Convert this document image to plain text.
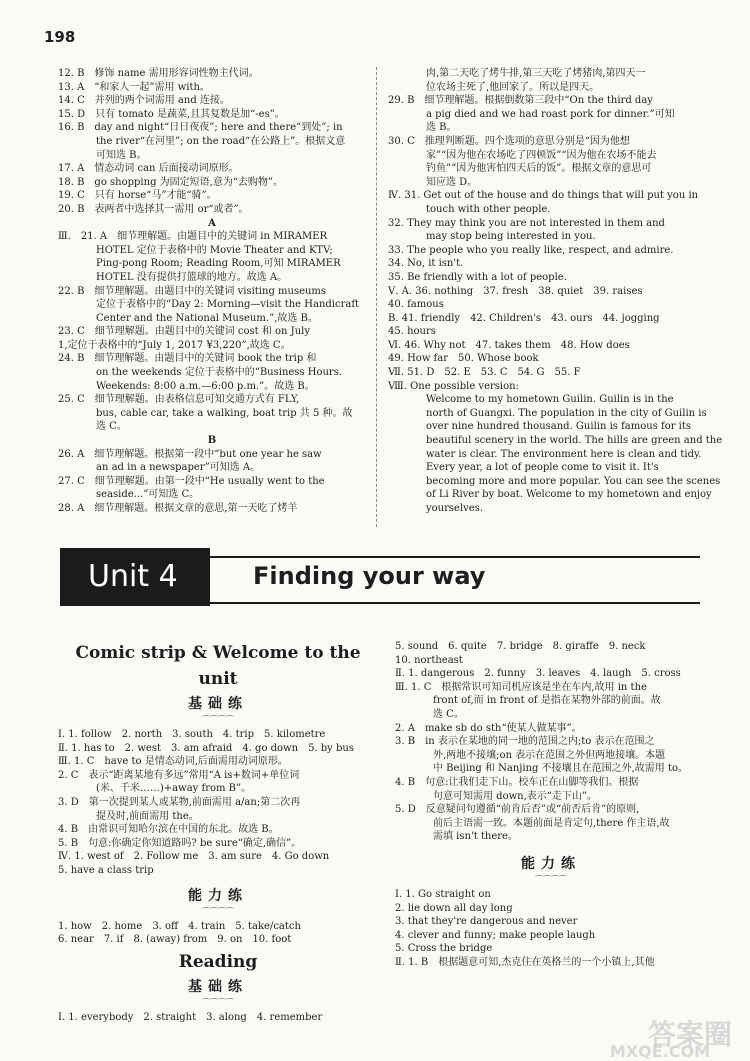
198
12. B　修饰 name 需用形容词性物主代词。
13. A　“和家人一起”需用 with。
14. C　并列的两个词需用 and 连接。
15. D　只有 tomato 是蔬菜,且其复数是加“-es”。
16. B　day and night“日日夜夜”; here and there“到处”; in
the river“在河里”; on the road“在公路上”。根据文意
可知选 B。
17. A　情态动词 can 后面接动词原形。
18. B　go shopping 为固定短语,意为“去购物”。
19. C　只有 horse“马”才能“骑”。
20. B　表两者中选择其一需用 or“或者”。
A
Ⅲ.　21. A　细节理解题。由题目中的关键词 in MIRAMER
HOTEL 定位于表格中的 Movie Theater and KTV;
Ping-pong Room; Reading Room,可知 MIRAMER
HOTEL 没有提供打篮球的地方。故选 A。
22. B　细节理解题。由题目中的关键词 visiting museums
定位于表格中的“Day 2: Morning—visit the Handicraft
Center and the National Museum.”,故选 B。
23. C　细节理解题。由题目中的关键词 cost 和 on July
1,定位于表格中的“July 1, 2017 ¥3,220”,故选 C。
24. B　细节理解题。由题目中的关键词 book the trip 和
on the weekends 定位于表格中的“Business Hours.
Weekends: 8:00 a.m.—6:00 p.m.”。故选 B。
25. C　细节理解题。由表格信息可知交通方式有 FLY,
bus, cable car, take a walking, boat trip 共 5 种。故
选 C。
B
26. A　细节理解题。根据第一段中“but one year he saw
an ad in a newspaper”可知选 A。
27. C　细节理解题。由第一段中“He usually went to the
seaside...”可知选 C。
28. A　细节理解题。根据文章的意思,第一天吃了烤羊
肉,第二天吃了烤牛排,第三天吃了烤猪肉,第四天一
位农场主死了,他回家了。所以是四天。
29. B　细节理解题。根据倒数第三段中“On the third day
a pig died and we had roast pork for dinner.”可知
选 B。
30. C　推理判断题。四个选项的意思分别是“因为他想
家”“因为他在农场吃了四顿饭”“因为他在农场不能去
钓鱼”“因为他害怕四天后的饭”。根据文章的意思可
知应选 D。
Ⅳ. 31. Get out of the house and do things that will put you in
touch with other people.
32. They may think you are not interested in them and
may stop being interested in you.
33. The people who you really like, respect, and admire.
34. No, it isn't.
35. Be friendly with a lot of people.
Ⅴ. A. 36. nothing　37. fresh　38. quiet　39. raises
40. famous
B. 41. friendly　42. Children's　43. ours　44. jogging
45. hours
Ⅵ. 46. Why not　47. takes them　48. How does
49. How far　50. Whose book
Ⅶ. 51. D　52. E　53. C　54. G　55. F
Ⅷ. One possible version:
Welcome to my hometown Guilin. Guilin is in the
north of Guangxi. The population in the city of Guilin is
over nine hundred thousand. Guilin is famous for its
beautiful scenery in the world. The hills are green and the
water is clear. The environment here is clean and tidy.
Every year, a lot of people come to visit it. It's
becoming more and more popular. You can see the scenes
of Li River by boat. Welcome to my hometown and enjoy
yourselves.
Unit 4	Finding your way
Comic strip & Welcome to the unit
基础练
⌒⌒⌒⌒
Ⅰ. 1. follow　2. north　3. south　4. trip　5. kilometre
Ⅱ. 1. has to　2. west　3. am afraid　4. go down　5. by bus
Ⅲ. 1. C　have to 是情态动词,后面需用动词原形。
2. C　表示“距离某地有多远”常用“A is+数词+单位词
(米、千米……)+away from B”。
3. D　第一次提到某人或某物,前面需用 a/an;第二次再
提及时,前面需用 the。
4. B　由常识可知哈尔滨在中国的东北。故选 B。
5. B　句意:你确定你知道路吗? be sure“确定,确信”。
Ⅳ. 1. west of　2. Follow me　3. am sure　4. Go down
5. have a class trip
能力练
⌒⌒⌒⌒
1. how　2. home　3. off　4. train　5. take/catch
6. near　7. if　8. (away) from　9. on　10. foot
Reading
基础练
⌒⌒⌒⌒
Ⅰ. 1. everybody　2. straight　3. along　4. remember
5. sound　6. quite　7. bridge　8. giraffe　9. neck
10. northeast
Ⅱ. 1. dangerous　2. funny　3. leaves　4. laugh　5. cross
Ⅲ. 1. C　根据常识可知司机应该是坐在车内,故用 in the
front of,而 in front of 是指在某物外部的前面。故
选 C。
2. A　make sb do sth“使某人做某事”。
3. B　in 表示在某地的同一地的范围之内;to 表示在范围之
外,两地不接壤;on 表示在范围之外但两地接壤。本题
中 Beijing 和 Nanjing 不接壤且在范围之外,故需用 to。
4. B　句意:让我们走下山。校车正在山脚等我们。根据
句意可知需用 down,表示“走下山”。
5. D　反意疑问句遵循“前肯后否”或“前否后肯”的原则,
前后主语需一致。本题前面是肯定句,there 作主语,故
需填 isn't there。
能力练
⌒⌒⌒⌒
Ⅰ. 1. Go straight on
2. lie down all day long
3. that they're dangerous and never
4. clever and funny; make people laugh
5. Cross the bridge
Ⅱ. 1. B　根据题意可知,杰克住在英格兰的一个小镇上,其他
答案圈
MXQE.COM
